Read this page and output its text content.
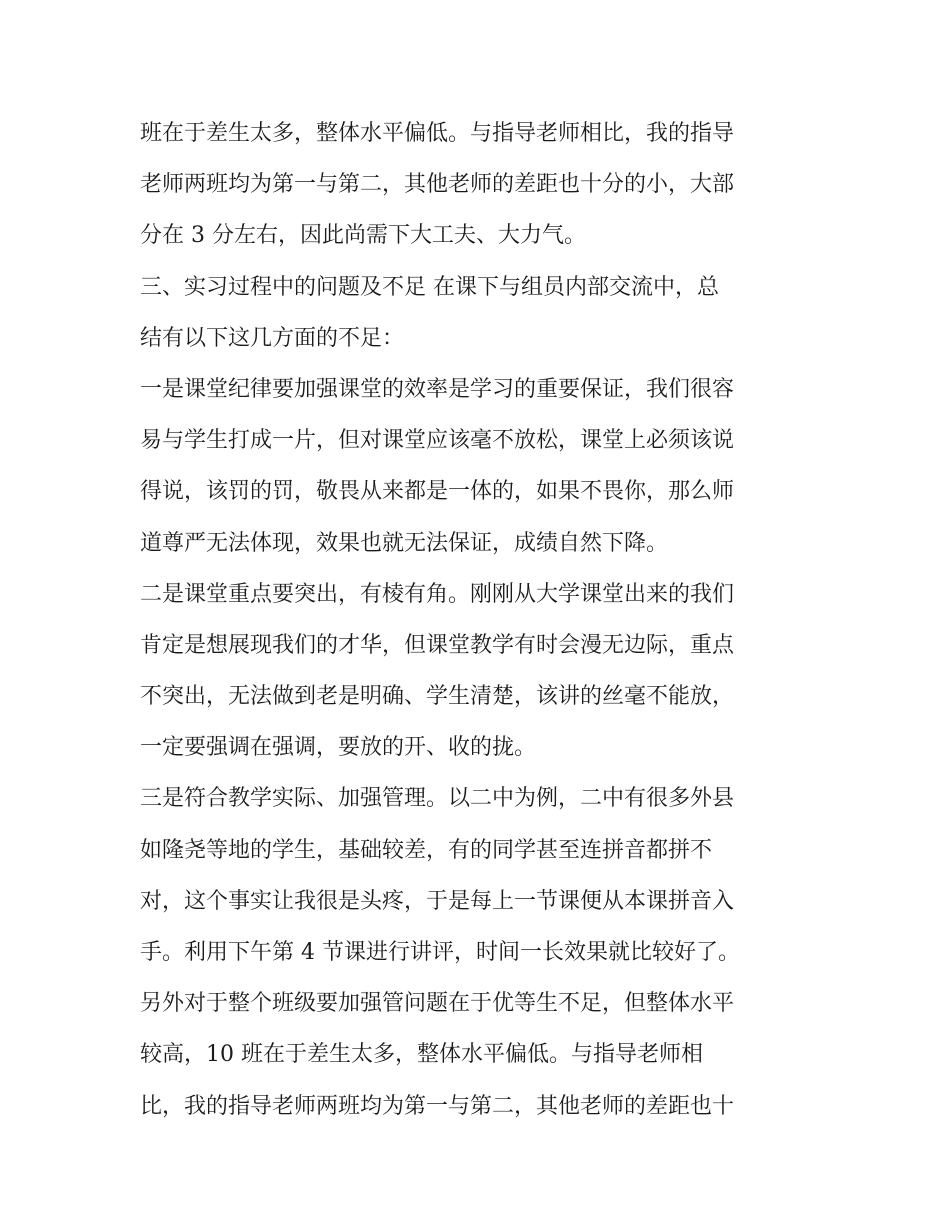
班在于差生太多，整体水平偏低。与指导老师相比，我的指导
老师两班均为第一与第二，其他老师的差距也十分的小，大部
分在 3 分左右，因此尚需下大工夫、大力气。
三、实习过程中的问题及不足 在课下与组员内部交流中，总
结有以下这几方面的不足：
一是课堂纪律要加强课堂的效率是学习的重要保证，我们很容
易与学生打成一片，但对课堂应该毫不放松，课堂上必须该说
得说，该罚的罚，敬畏从来都是一体的，如果不畏你，那么师
道尊严无法体现，效果也就无法保证，成绩自然下降。
二是课堂重点要突出，有棱有角。刚刚从大学课堂出来的我们
肯定是想展现我们的才华，但课堂教学有时会漫无边际，重点
不突出，无法做到老是明确、学生清楚，该讲的丝毫不能放，
一定要强调在强调，要放的开、收的拢。
三是符合教学实际、加强管理。以二中为例，二中有很多外县
如隆尧等地的学生，基础较差，有的同学甚至连拼音都拼不
对，这个事实让我很是头疼，于是每上一节课便从本课拼音入
手。利用下午第 4 节课进行讲评，时间一长效果就比较好了。
另外对于整个班级要加强管问题在于优等生不足，但整体水平
较高，10 班在于差生太多，整体水平偏低。与指导老师相
比，我的指导老师两班均为第一与第二，其他老师的差距也十
